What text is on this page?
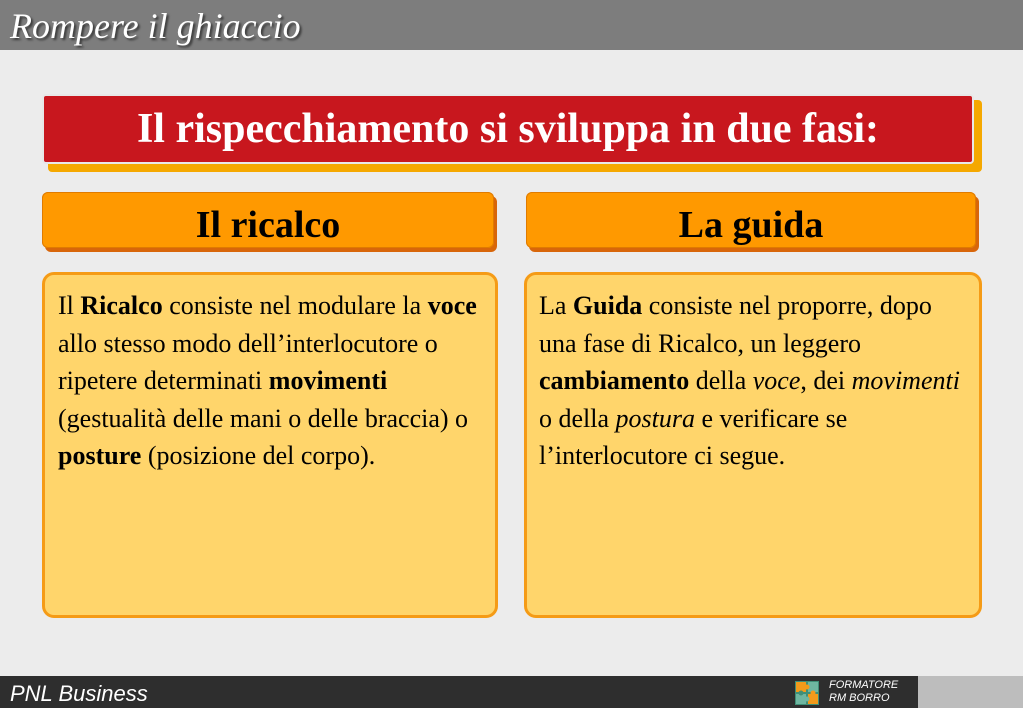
Rompere il ghiaccio
Il rispecchiamento si sviluppa in due fasi:
Il ricalco	La guida
Il Ricalco consiste nel modulare la voce allo stesso modo dell’interlocutore o ripetere determinati movimenti (gestualità delle mani o delle braccia) o posture (posizione del corpo).
La Guida consiste nel proporre, dopo una fase di Ricalco, un leggero cambiamento della voce, dei movimenti o della postura e verificare se l’interlocutore ci segue.
PNL Business	FORMATORE
RM BORRO
